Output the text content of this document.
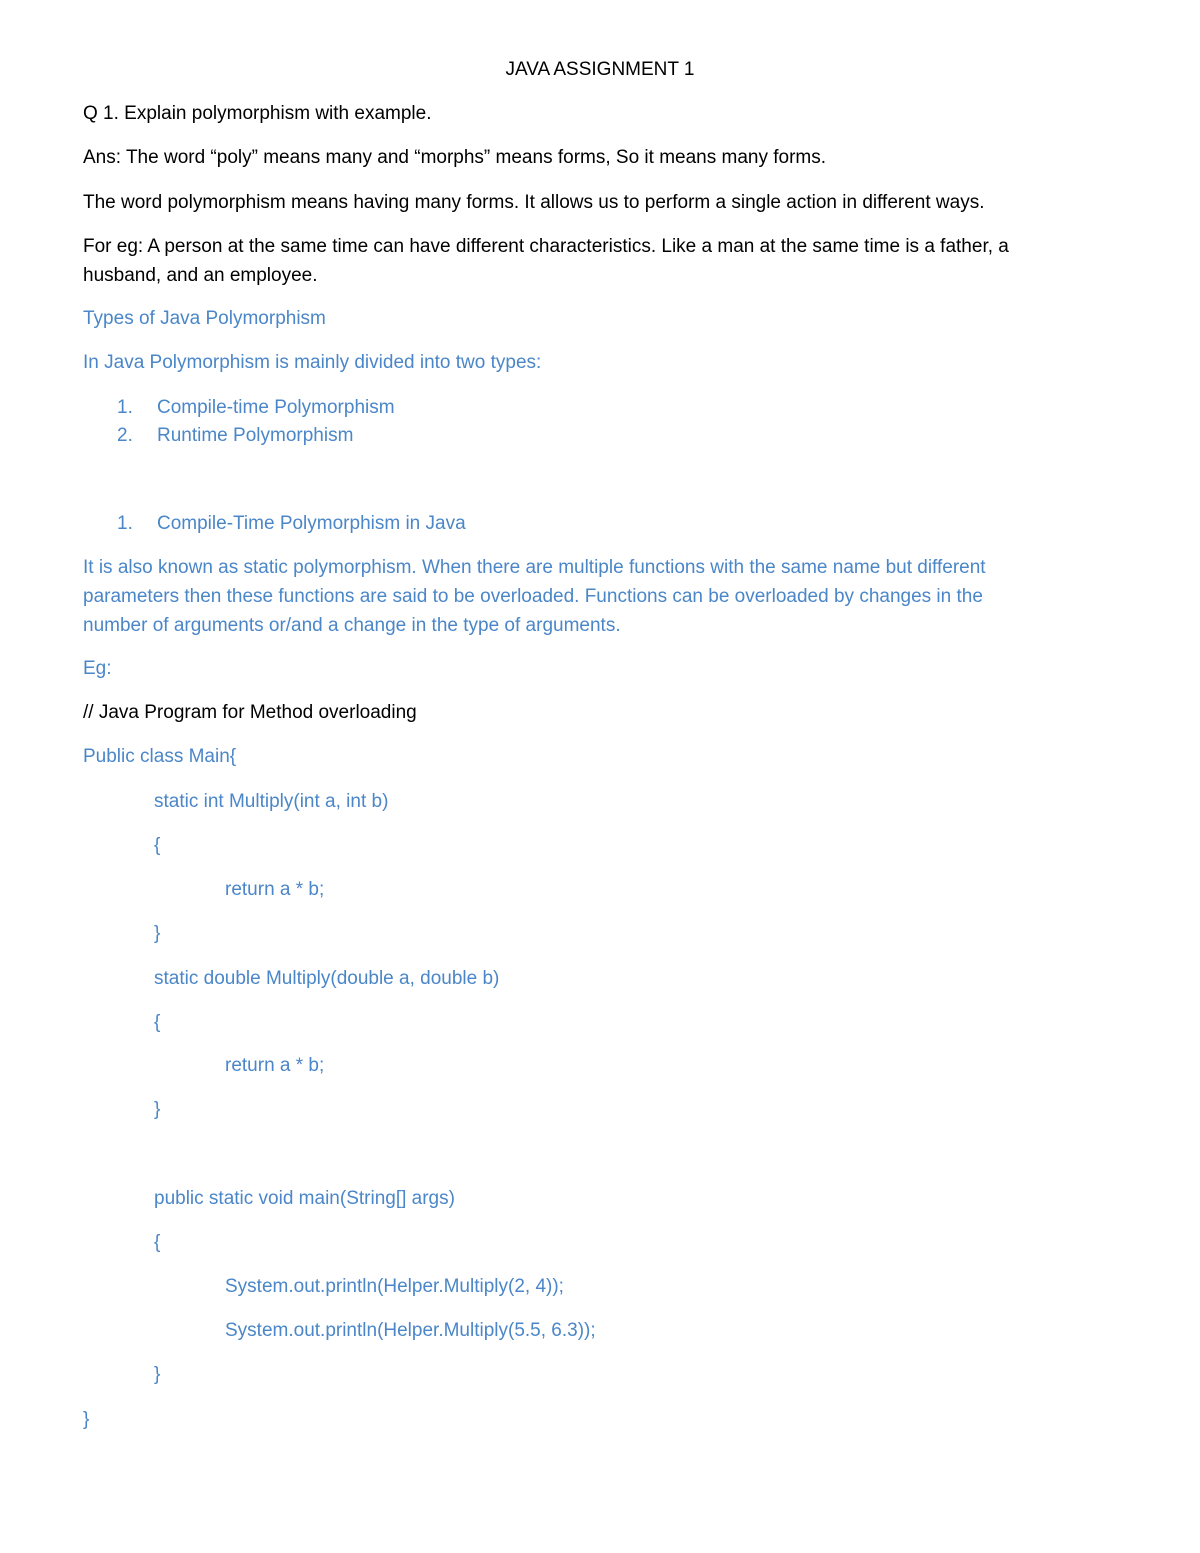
JAVA ASSIGNMENT 1
Q 1. Explain polymorphism with example.
Ans: The word “poly” means many and “morphs” means forms, So it means many forms.
The word polymorphism means having many forms. It allows us to perform a single action in different ways.
For eg: A person at the same time can have different characteristics. Like a man at the same time is a father, a
husband, and an employee.
Types of Java Polymorphism
In Java Polymorphism is mainly divided into two types:
1. Compile-time Polymorphism
2. Runtime Polymorphism
1. Compile-Time Polymorphism in Java
It is also known as static polymorphism. When there are multiple functions with the same name but different
parameters then these functions are said to be overloaded. Functions can be overloaded by changes in the
number of arguments or/and a change in the type of arguments.
Eg:
// Java Program for Method overloading
Public class Main{
static int Multiply(int a, int b)
{
return a * b;
}
static double Multiply(double a, double b)
{
return a * b;
}
public static void main(String[] args)
{
System.out.println(Helper.Multiply(2, 4));
System.out.println(Helper.Multiply(5.5, 6.3));
}
}
